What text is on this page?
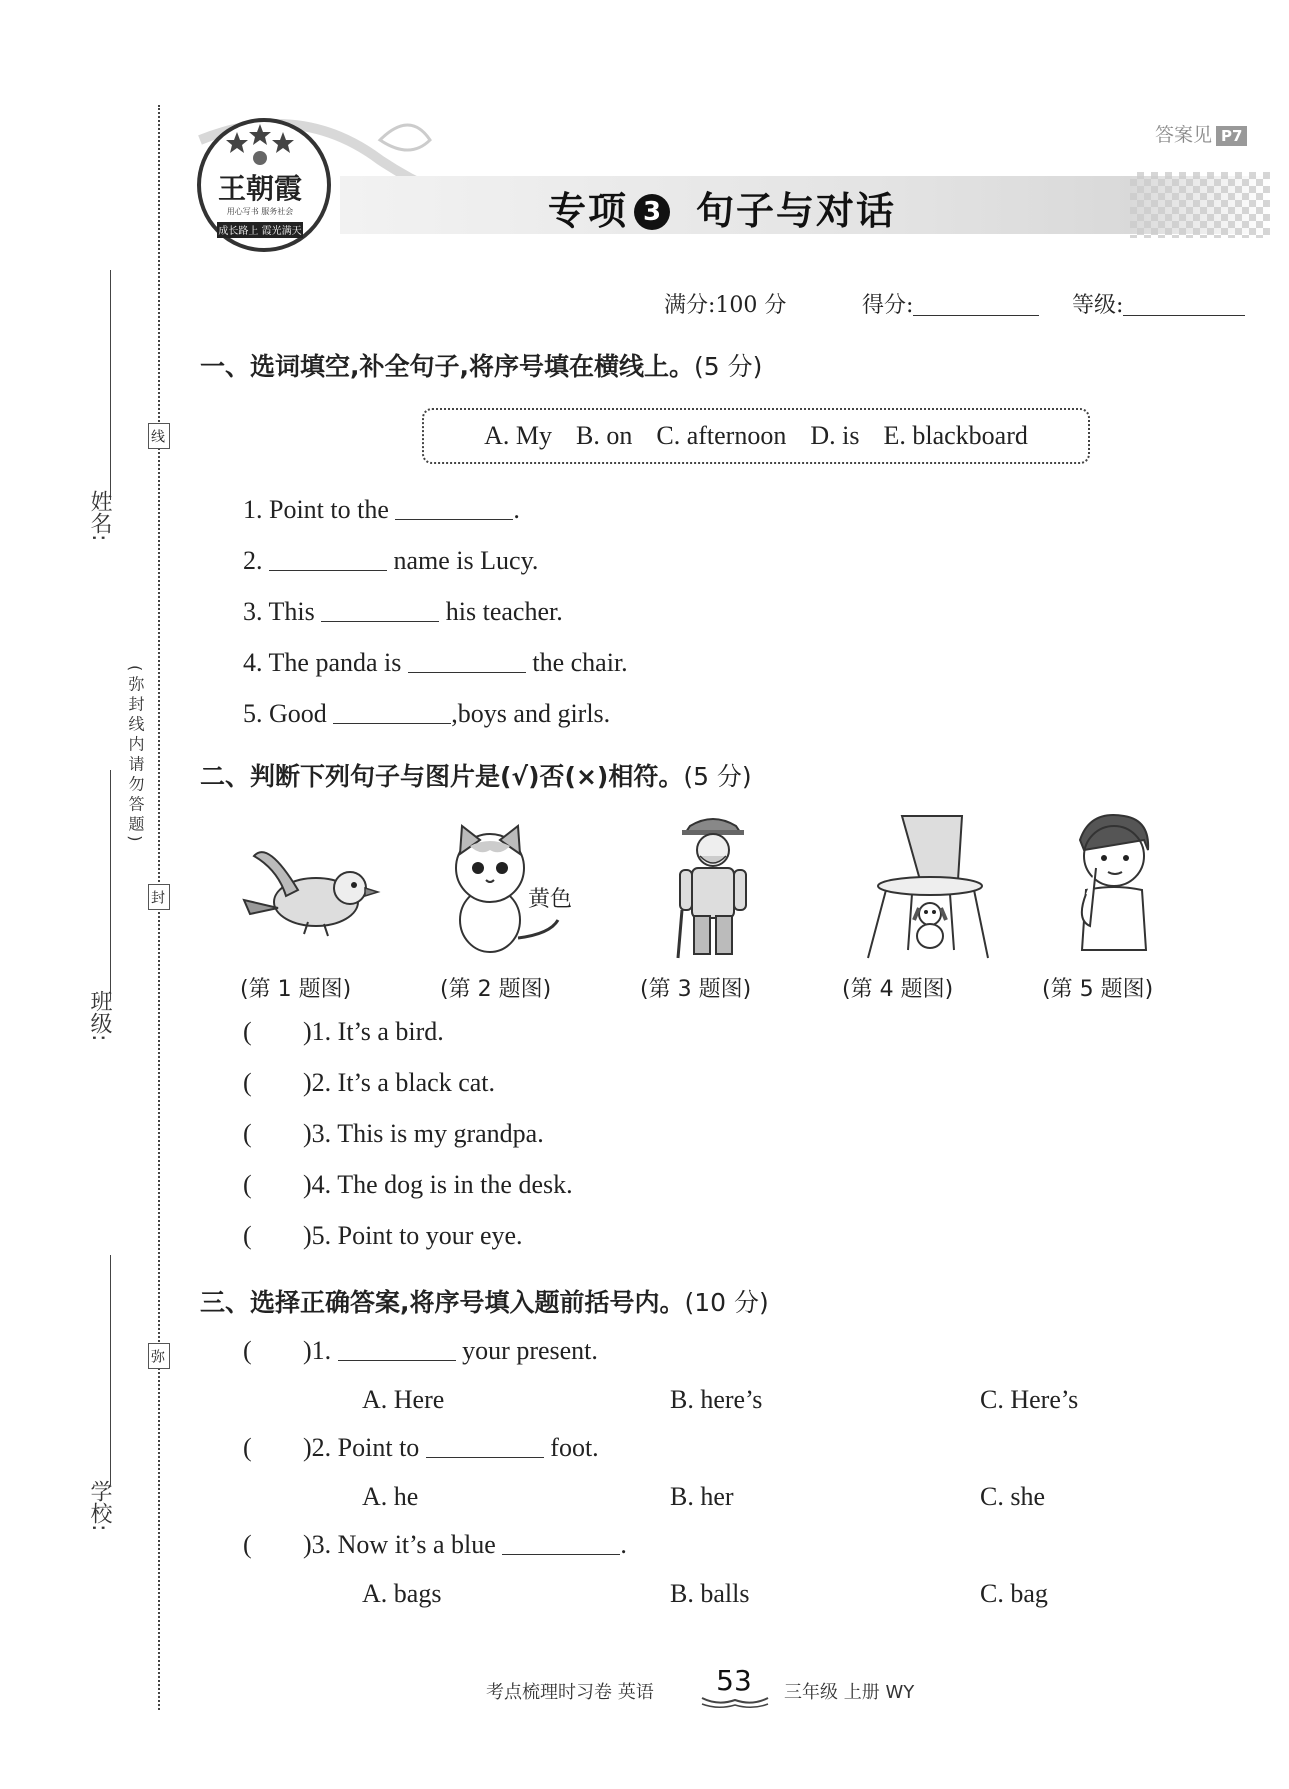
姓名:
班级:
学校:
(弥封线内请勿答题)
线
封
弥
王朝霞
用心写书 服务社会
成长路上 霞光满天
答案见 P7
专项 3 句子与对话
满分:100 分	得分:	等级:
一、选词填空,补全句子,将序号填在横线上。(5 分)
A. My B. on C. afternoon D. is E. blackboard
1. Point to the	.
2.	name is Lucy.
3. This	his teacher.
4. The panda is	the chair.
5. Good	,boys and girls.
二、判断下列句子与图片是(√)否(×)相符。(5 分)
黄色
(第 1 题图)	(第 2 题图)	(第 3 题图)	(第 4 题图)	(第 5 题图)
( )1. It’s a bird.
( )2. It’s a black cat.
( )3. This is my grandpa.
( )4. The dog is in the desk.
( )5. Point to your eye.
三、选择正确答案,将序号填入题前括号内。(10 分)
( )1.	your present.
A. Here	B. here’s	C. Here’s
( )2. Point to	foot.
A. he	B. her	C. she
( )3. Now it’s a blue	.
A. bags	B. balls	C. bag
考点梳理时习卷 英语	53	三年级 上册 WY
